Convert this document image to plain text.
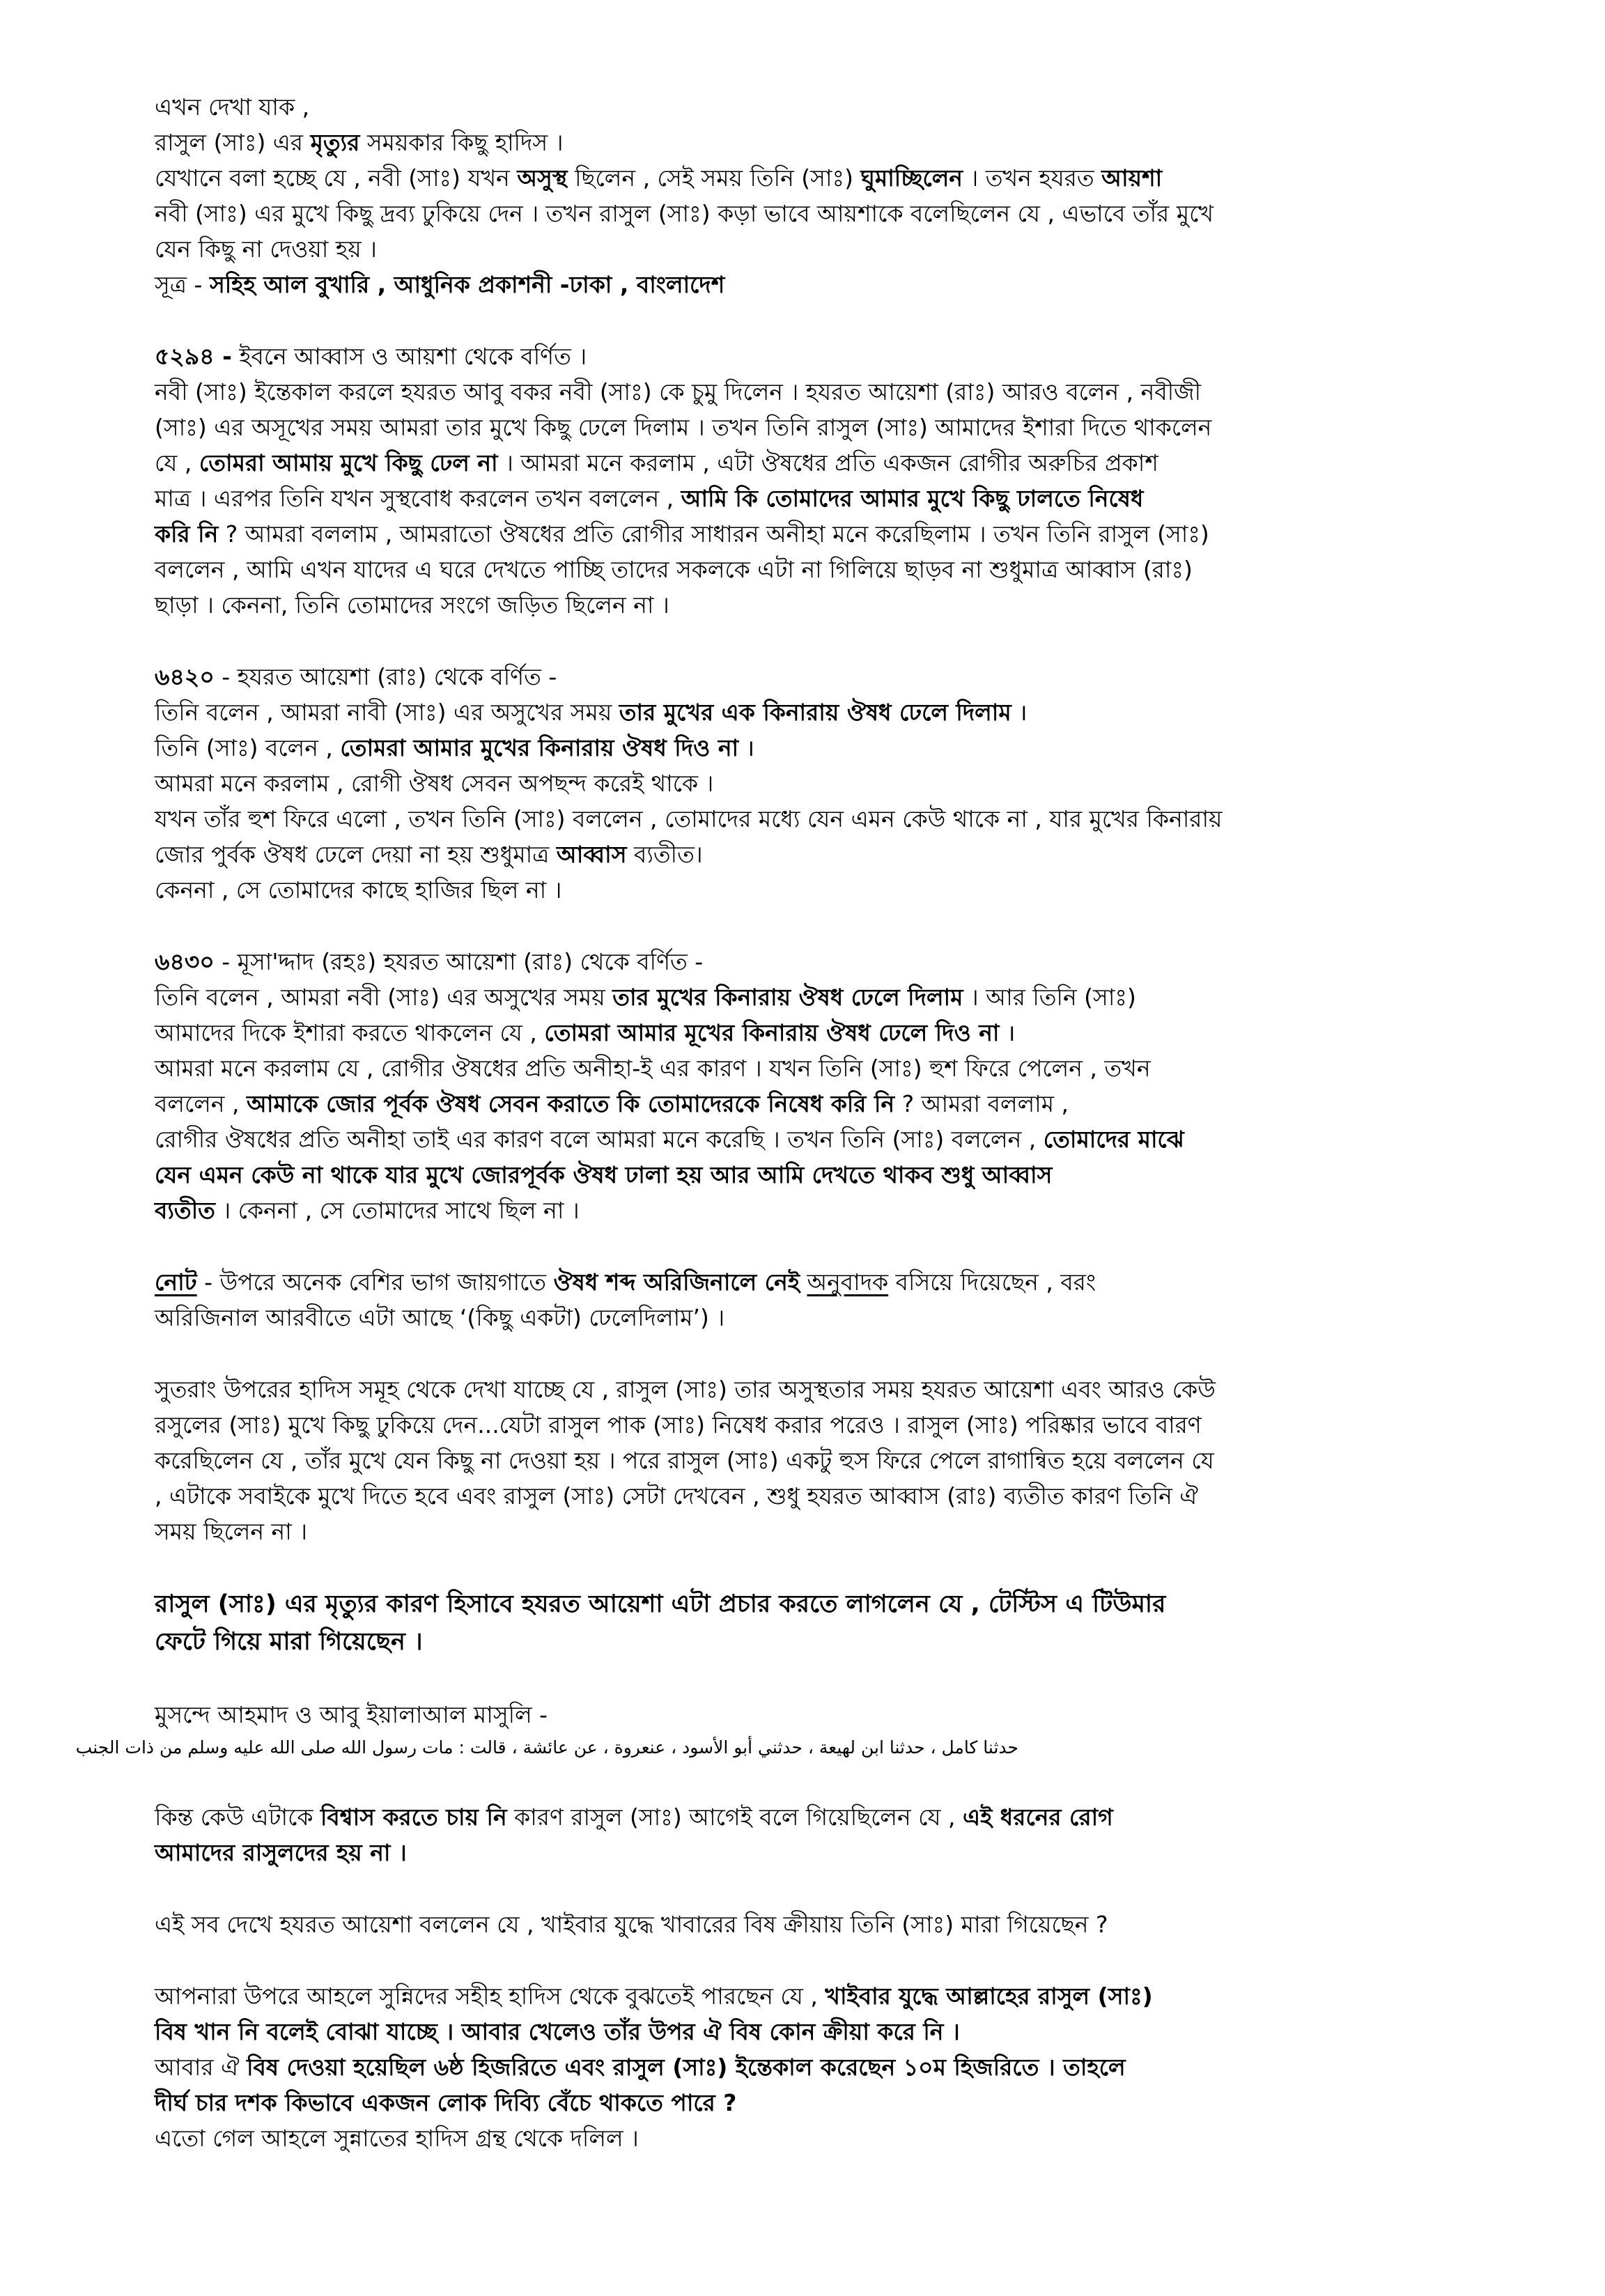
এখন দেখা যাক ,
রাসুল (সাঃ) এর মৃত্যুর সময়কার কিছু হাদিস ।
যেখানে বলা হচ্ছে যে , নবী (সাঃ) যখন অসুস্থ ছিলেন , সেই সময় তিনি (সাঃ) ঘুমাচ্ছিলেন । তখন হযরত আয়শা
নবী (সাঃ) এর মুখে কিছু দ্রব্য ঢুকিয়ে দেন । তখন রাসুল (সাঃ) কড়া ভাবে আয়শাকে বলেছিলেন যে , এভাবে তাঁর মুখে
যেন কিছু না দেওয়া হয় ।
সূত্র - সহিহ আল বুখারি , আধুনিক প্রকাশনী -ঢাকা , বাংলাদেশ
৫২৯৪ - ইবনে আব্বাস ও আয়শা থেকে বর্ণিত ।
নবী (সাঃ) ইন্তেকাল করলে হযরত আবু বকর নবী (সাঃ) কে চুমু দিলেন । হযরত আয়েশা (রাঃ) আরও বলেন , নবীজী
(সাঃ) এর অসূখের সময় আমরা তার মুখে কিছু ঢেলে দিলাম । তখন তিনি রাসুল (সাঃ) আমাদের ইশারা দিতে থাকলেন
যে , তোমরা আমায় মুখে কিছু ঢেল না । আমরা মনে করলাম , এটা ঔষধের প্রতি একজন রোগীর অরুচির প্রকাশ
মাত্র । এরপর তিনি যখন সুস্থবোধ করলেন তখন বললেন , আমি কি তোমাদের আমার মুখে কিছু ঢালতে নিষেধ
করি নি ? আমরা বললাম , আমরাতো ঔষধের প্রতি রোগীর সাধারন অনীহা মনে করেছিলাম । তখন তিনি রাসুল (সাঃ)
বললেন , আমি এখন যাদের এ ঘরে দেখতে পাচ্ছি তাদের সকলকে এটা না গিলিয়ে ছাড়ব না শুধুমাত্র আব্বাস (রাঃ)
ছাড়া । কেননা, তিনি তোমাদের সংগে জড়িত ছিলেন না ।
৬৪২০ - হযরত আয়েশা (রাঃ) থেকে বর্ণিত -
তিনি বলেন , আমরা নাবী (সাঃ) এর অসুখের সময় তার মুখের এক কিনারায় ঔষধ ঢেলে দিলাম ।
তিনি (সাঃ) বলেন , তোমরা আমার মুখের কিনারায় ঔষধ দিও না ।
আমরা মনে করলাম , রোগী ঔষধ সেবন অপছন্দ করেই থাকে ।
যখন তাঁর হুশ ফিরে এলো , তখন তিনি (সাঃ) বললেন , তোমাদের মধ্যে যেন এমন কেউ থাকে না , যার মুখের কিনারায়
জোর পুর্বক ঔষধ ঢেলে দেয়া না হয় শুধুমাত্র আব্বাস ব্যতীত।
কেননা , সে তোমাদের কাছে হাজির ছিল না ।
৬৪৩০ - মূসা'দ্দাদ (রহঃ) হযরত আয়েশা (রাঃ) থেকে বর্ণিত -
তিনি বলেন , আমরা নবী (সাঃ) এর অসুখের সময় তার মুখের কিনারায় ঔষধ ঢেলে দিলাম । আর তিনি (সাঃ)
আমাদের দিকে ইশারা করতে থাকলেন যে , তোমরা আমার মূখের কিনারায় ঔষধ ঢেলে দিও না ।
আমরা মনে করলাম যে , রোগীর ঔষধের প্রতি অনীহা-ই এর কারণ । যখন তিনি (সাঃ) হুশ ফিরে পেলেন , তখন
বললেন , আমাকে জোর পূর্বক ঔষধ সেবন করাতে কি তোমাদেরকে নিষেধ করি নি ? আমরা বললাম ,
রোগীর ঔষধের প্রতি অনীহা তাই এর কারণ বলে আমরা মনে করেছি । তখন তিনি (সাঃ) বললেন , তোমাদের মাঝে
যেন এমন কেউ না থাকে যার মুখে জোরপূর্বক ঔষধ ঢালা হয় আর আমি দেখতে থাকব শুধু আব্বাস
ব্যতীত । কেননা , সে তোমাদের সাথে ছিল না ।
নোট - উপরে অনেক বেশির ভাগ জায়গাতে ঔষধ শব্দ অরিজিনালে নেই অনুবাদক বসিয়ে দিয়েছেন , বরং
অরিজিনাল আরবীতে এটা আছে ‘(কিছু একটা) ঢেলেদিলাম’) ।
সুতরাং উপরের হাদিস সমূহ থেকে দেখা যাচ্ছে যে , রাসুল (সাঃ) তার অসুস্থতার সময় হযরত আয়েশা এবং আরও কেউ
রসুলের (সাঃ) মুখে কিছু ঢুকিয়ে দেন...যেটা রাসুল পাক (সাঃ) নিষেধ করার পরেও । রাসুল (সাঃ) পরিষ্কার ভাবে বারণ
করেছিলেন যে , তাঁর মুখে যেন কিছু না দেওয়া হয় । পরে রাসুল (সাঃ) একটু হুস ফিরে পেলে রাগান্বিত হয়ে বললেন যে
, এটাকে সবাইকে মুখে দিতে হবে এবং রাসুল (সাঃ) সেটা দেখবেন , শুধু হযরত আব্বাস (রাঃ) ব্যতীত কারণ তিনি ঐ
সময় ছিলেন না ।
রাসুল (সাঃ) এর মৃত্যুর কারণ হিসাবে হযরত আয়েশা এটা প্রচার করতে লাগলেন যে , টেস্টিস এ টিউমার
ফেটে গিয়ে মারা গিয়েছেন ।
মুসন্দে আহমাদ ও আবু ইয়ালাআল মাসুলি -
حدثنا كامل ، حدثنا ابن لهيعة ، حدثني أبو الأسود ، عنعروة ، عن عائشة ، قالت : مات رسول الله صلى الله عليه وسلم من ذات الجنب
কিন্ত কেউ এটাকে বিশ্বাস করতে চায় নি কারণ রাসুল (সাঃ) আগেই বলে গিয়েছিলেন যে , এই ধরনের রোগ
আমাদের রাসুলদের হয় না ।
এই সব দেখে হযরত আয়েশা বললেন যে , খাইবার যুদ্ধে খাবারের বিষ ক্রীয়ায় তিনি (সাঃ) মারা গিয়েছেন ?
আপনারা উপরে আহলে সুন্নিদের সহীহ হাদিস থেকে বুঝতেই পারছেন যে , খাইবার যুদ্ধে আল্লাহের রাসুল (সাঃ)
বিষ খান নি বলেই বোঝা যাচ্ছে । আবার খেলেও তাঁর উপর ঐ বিষ কোন ক্রীয়া করে নি ।
আবার ঐ বিষ দেওয়া হয়েছিল ৬ষ্ঠ হিজরিতে এবং রাসুল (সাঃ) ইন্তেকাল করেছেন ১০ম হিজরিতে । তাহলে
দীর্ঘ চার দশক কিভাবে একজন লোক দিব্যি বেঁচে থাকতে পারে ?
এতো গেল আহলে সুন্নাতের হাদিস গ্রন্থ থেকে দলিল ।
